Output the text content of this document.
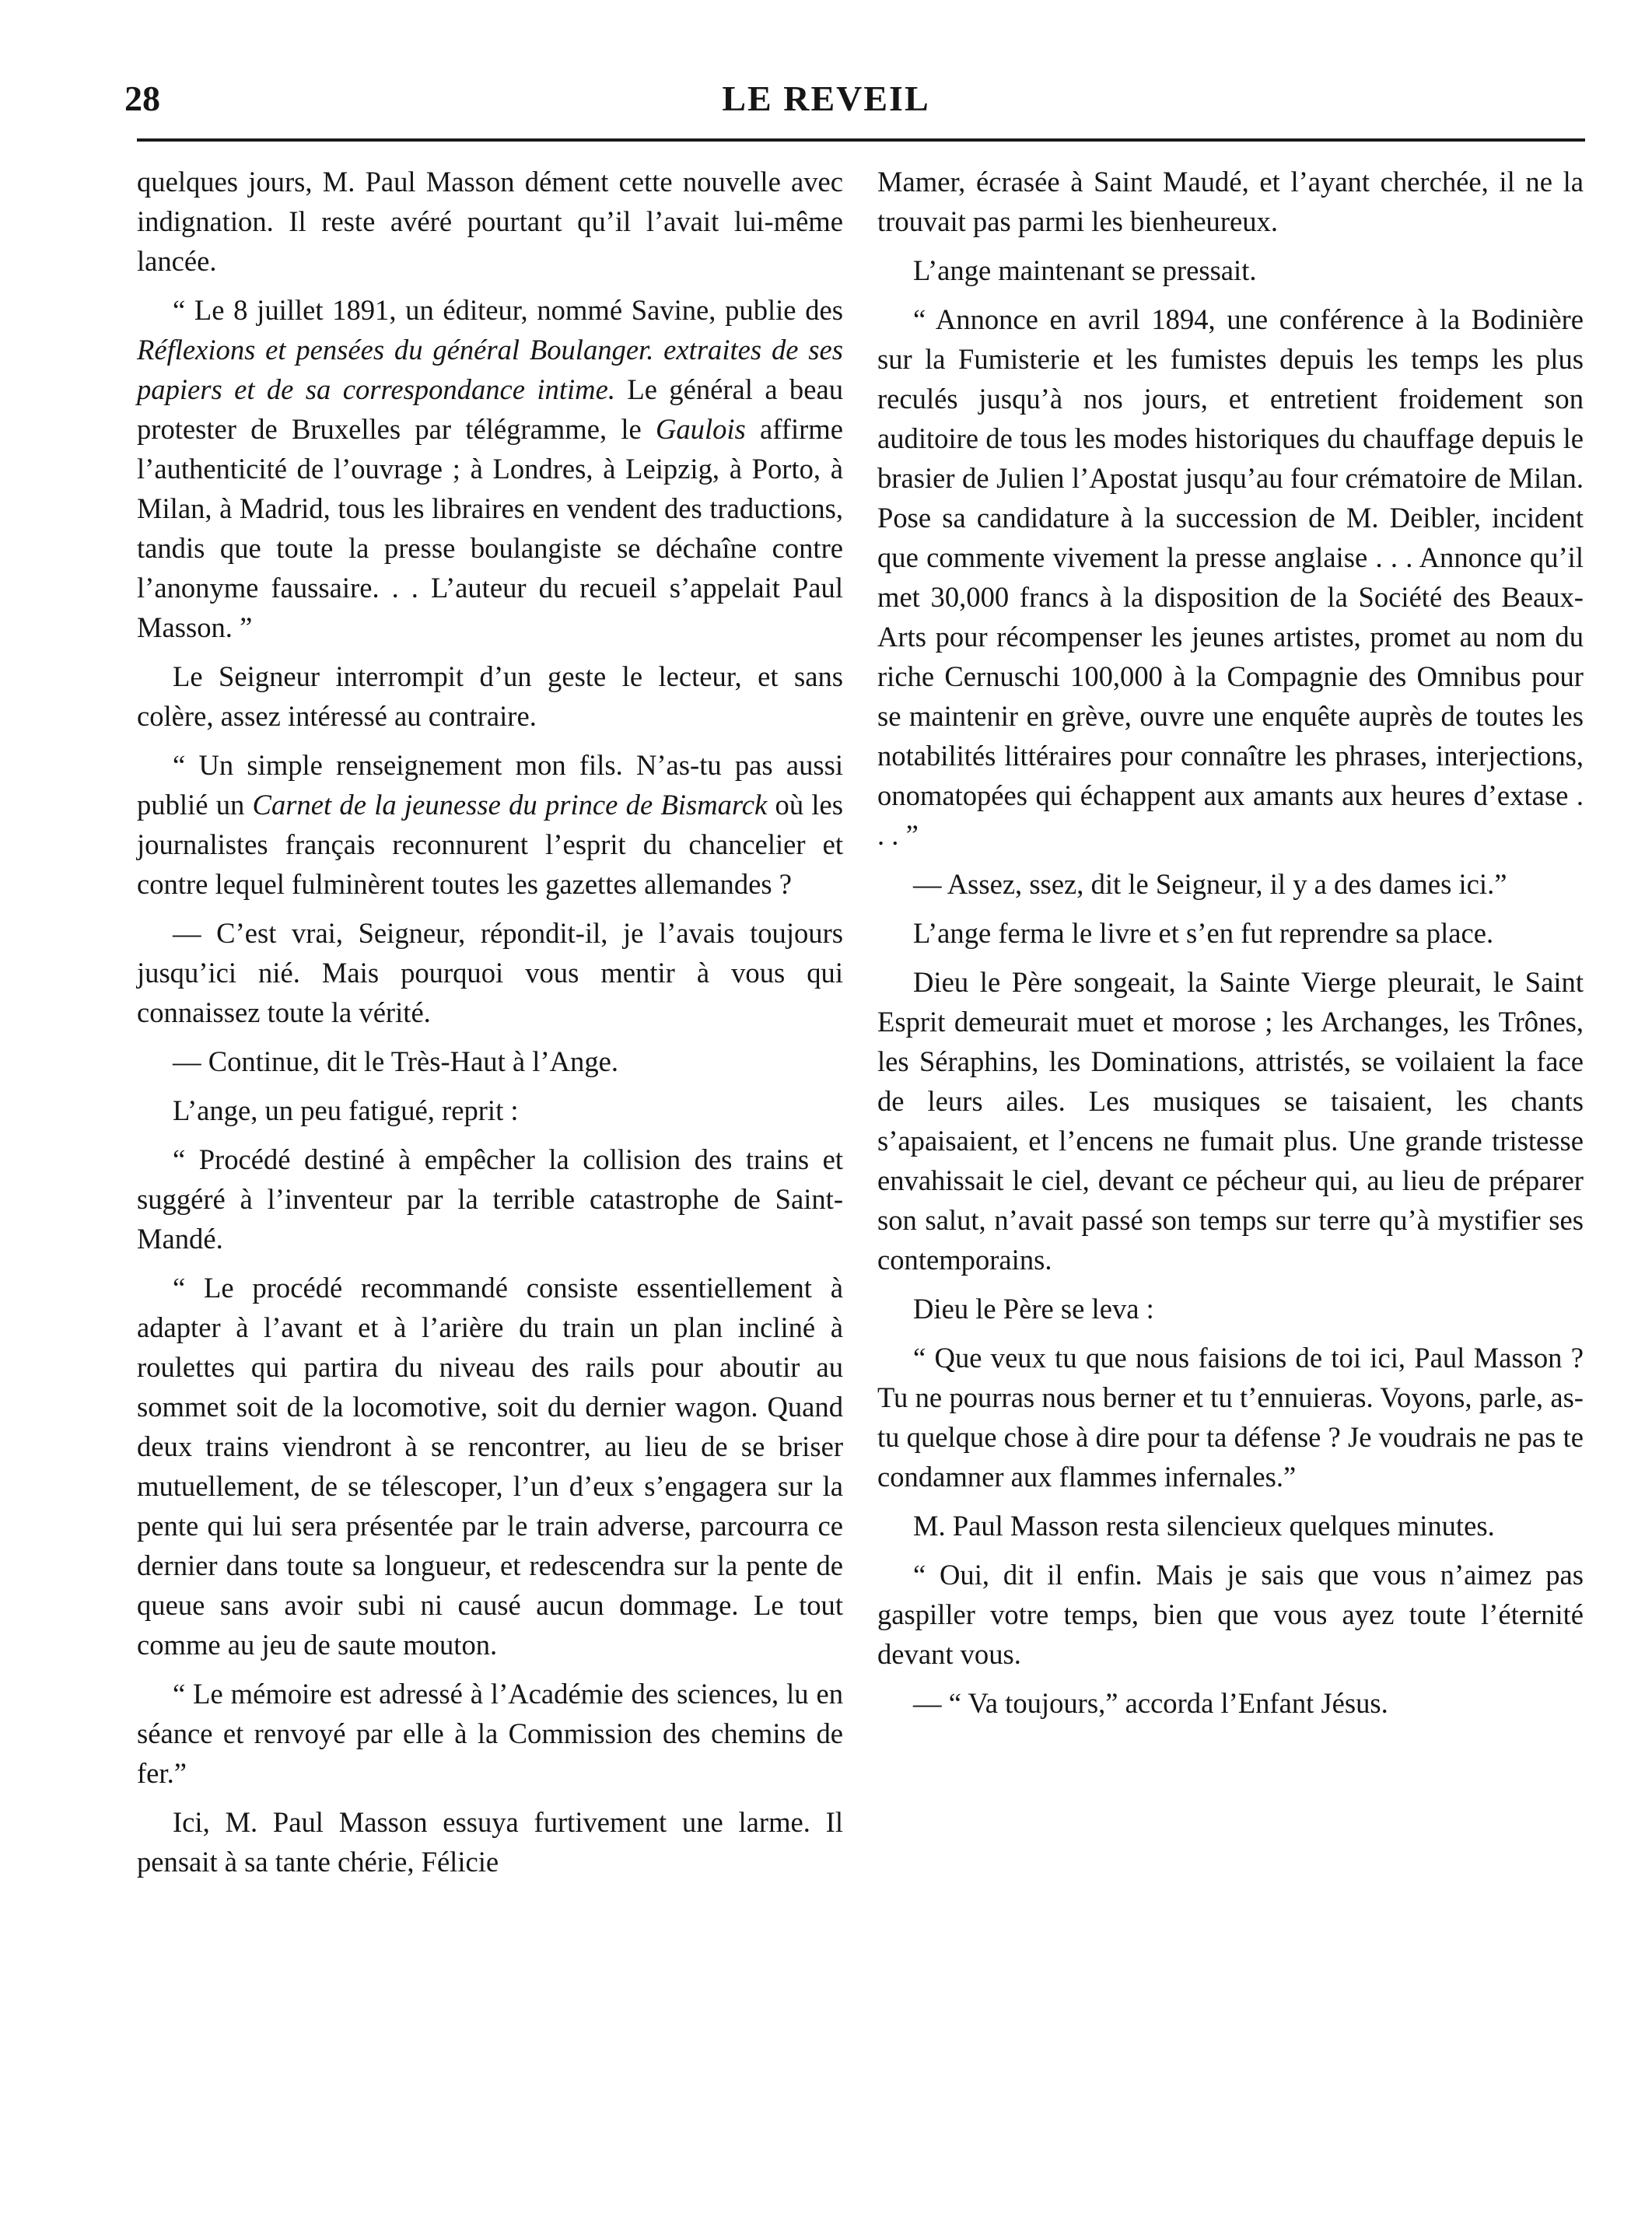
28	LE REVEIL

quelques jours, M. Paul Masson dément cette nouvelle avec indignation. Il reste avéré pourtant qu’il l’avait lui-même lancée.

“ Le 8 juillet 1891, un éditeur, nommé Savine, publie des Réflexions et pensées du général Boulanger. extraites de ses papiers et de sa correspondance intime. Le général a beau protester de Bruxelles par télégramme, le Gaulois affirme l’authenticité de l’ouvrage ; à Londres, à Leipzig, à Porto, à Milan, à Madrid, tous les libraires en vendent des traductions, tandis que toute la presse boulangiste se déchaîne contre l’anonyme faussaire. . . L’auteur du recueil s’appelait Paul Masson. ”

Le Seigneur interrompit d’un geste le lecteur, et sans colère, assez intéressé au contraire.

“ Un simple renseignement mon fils. N’as-tu pas aussi publié un Carnet de la jeunesse du prince de Bismarck où les journalistes français reconnurent l’esprit du chancelier et contre lequel fulminèrent toutes les gazettes allemandes ?

— C’est vrai, Seigneur, répondit-il, je l’avais toujours jusqu’ici nié. Mais pourquoi vous mentir à vous qui connaissez toute la vérité.

— Continue, dit le Très-Haut à l’Ange.

L’ange, un peu fatigué, reprit :

“ Procédé destiné à empêcher la collision des trains et suggéré à l’inventeur par la terrible catastrophe de Saint-Mandé.

“ Le procédé recommandé consiste essentiellement à adapter à l’avant et à l’arière du train un plan incliné à roulettes qui partira du niveau des rails pour aboutir au sommet soit de la locomotive, soit du dernier wagon. Quand deux trains viendront à se rencontrer, au lieu de se briser mutuellement, de se télescoper, l’un d’eux s’engagera sur la pente qui lui sera présentée par le train adverse, parcourra ce dernier dans toute sa longueur, et redescendra sur la pente de queue sans avoir subi ni causé aucun dommage. Le tout comme au jeu de saute mouton.

“ Le mémoire est adressé à l’Académie des sciences, lu en séance et renvoyé par elle à la Commission des chemins de fer.”

Ici, M. Paul Masson essuya furtivement une larme. Il pensait à sa tante chérie, Félicie

Mamer, écrasée à Saint Maudé, et l’ayant cherchée, il ne la trouvait pas parmi les bienheureux.

L’ange maintenant se pressait.

“ Annonce en avril 1894, une conférence à la Bodinière sur la Fumisterie et les fumistes depuis les temps les plus reculés jusqu’à nos jours, et entretient froidement son auditoire de tous les modes historiques du chauffage depuis le brasier de Julien l’Apostat jusqu’au four crématoire de Milan. Pose sa candidature à la succession de M. Deibler, incident que commente vivement la presse anglaise . . . Annonce qu’il met 30,000 francs à la disposition de la Société des Beaux-Arts pour récompenser les jeunes artistes, promet au nom du riche Cernuschi 100,000 à la Compagnie des Omnibus pour se maintenir en grève, ouvre une enquête auprès de toutes les notabilités littéraires pour connaître les phrases, interjections, onomatopées qui échappent aux amants aux heures d’extase . . . ”

— Assez, ssez, dit le Seigneur, il y a des dames ici.”

L’ange ferma le livre et s’en fut reprendre sa place.

Dieu le Père songeait, la Sainte Vierge pleurait, le Saint Esprit demeurait muet et morose ; les Archanges, les Trônes, les Séraphins, les Dominations, attristés, se voilaient la face de leurs ailes. Les musiques se taisaient, les chants s’apaisaient, et l’encens ne fumait plus. Une grande tristesse envahissait le ciel, devant ce pécheur qui, au lieu de préparer son salut, n’avait passé son temps sur terre qu’à mystifier ses contemporains.

Dieu le Père se leva :

“ Que veux tu que nous faisions de toi ici, Paul Masson ? Tu ne pourras nous berner et tu t’ennuieras. Voyons, parle, as-tu quelque chose à dire pour ta défense ? Je voudrais ne pas te condamner aux flammes infernales.”

M. Paul Masson resta silencieux quelques minutes.

“ Oui, dit il enfin. Mais je sais que vous n’aimez pas gaspiller votre temps, bien que vous ayez toute l’éternité devant vous.

— “ Va toujours,” accorda l’Enfant Jésus.
